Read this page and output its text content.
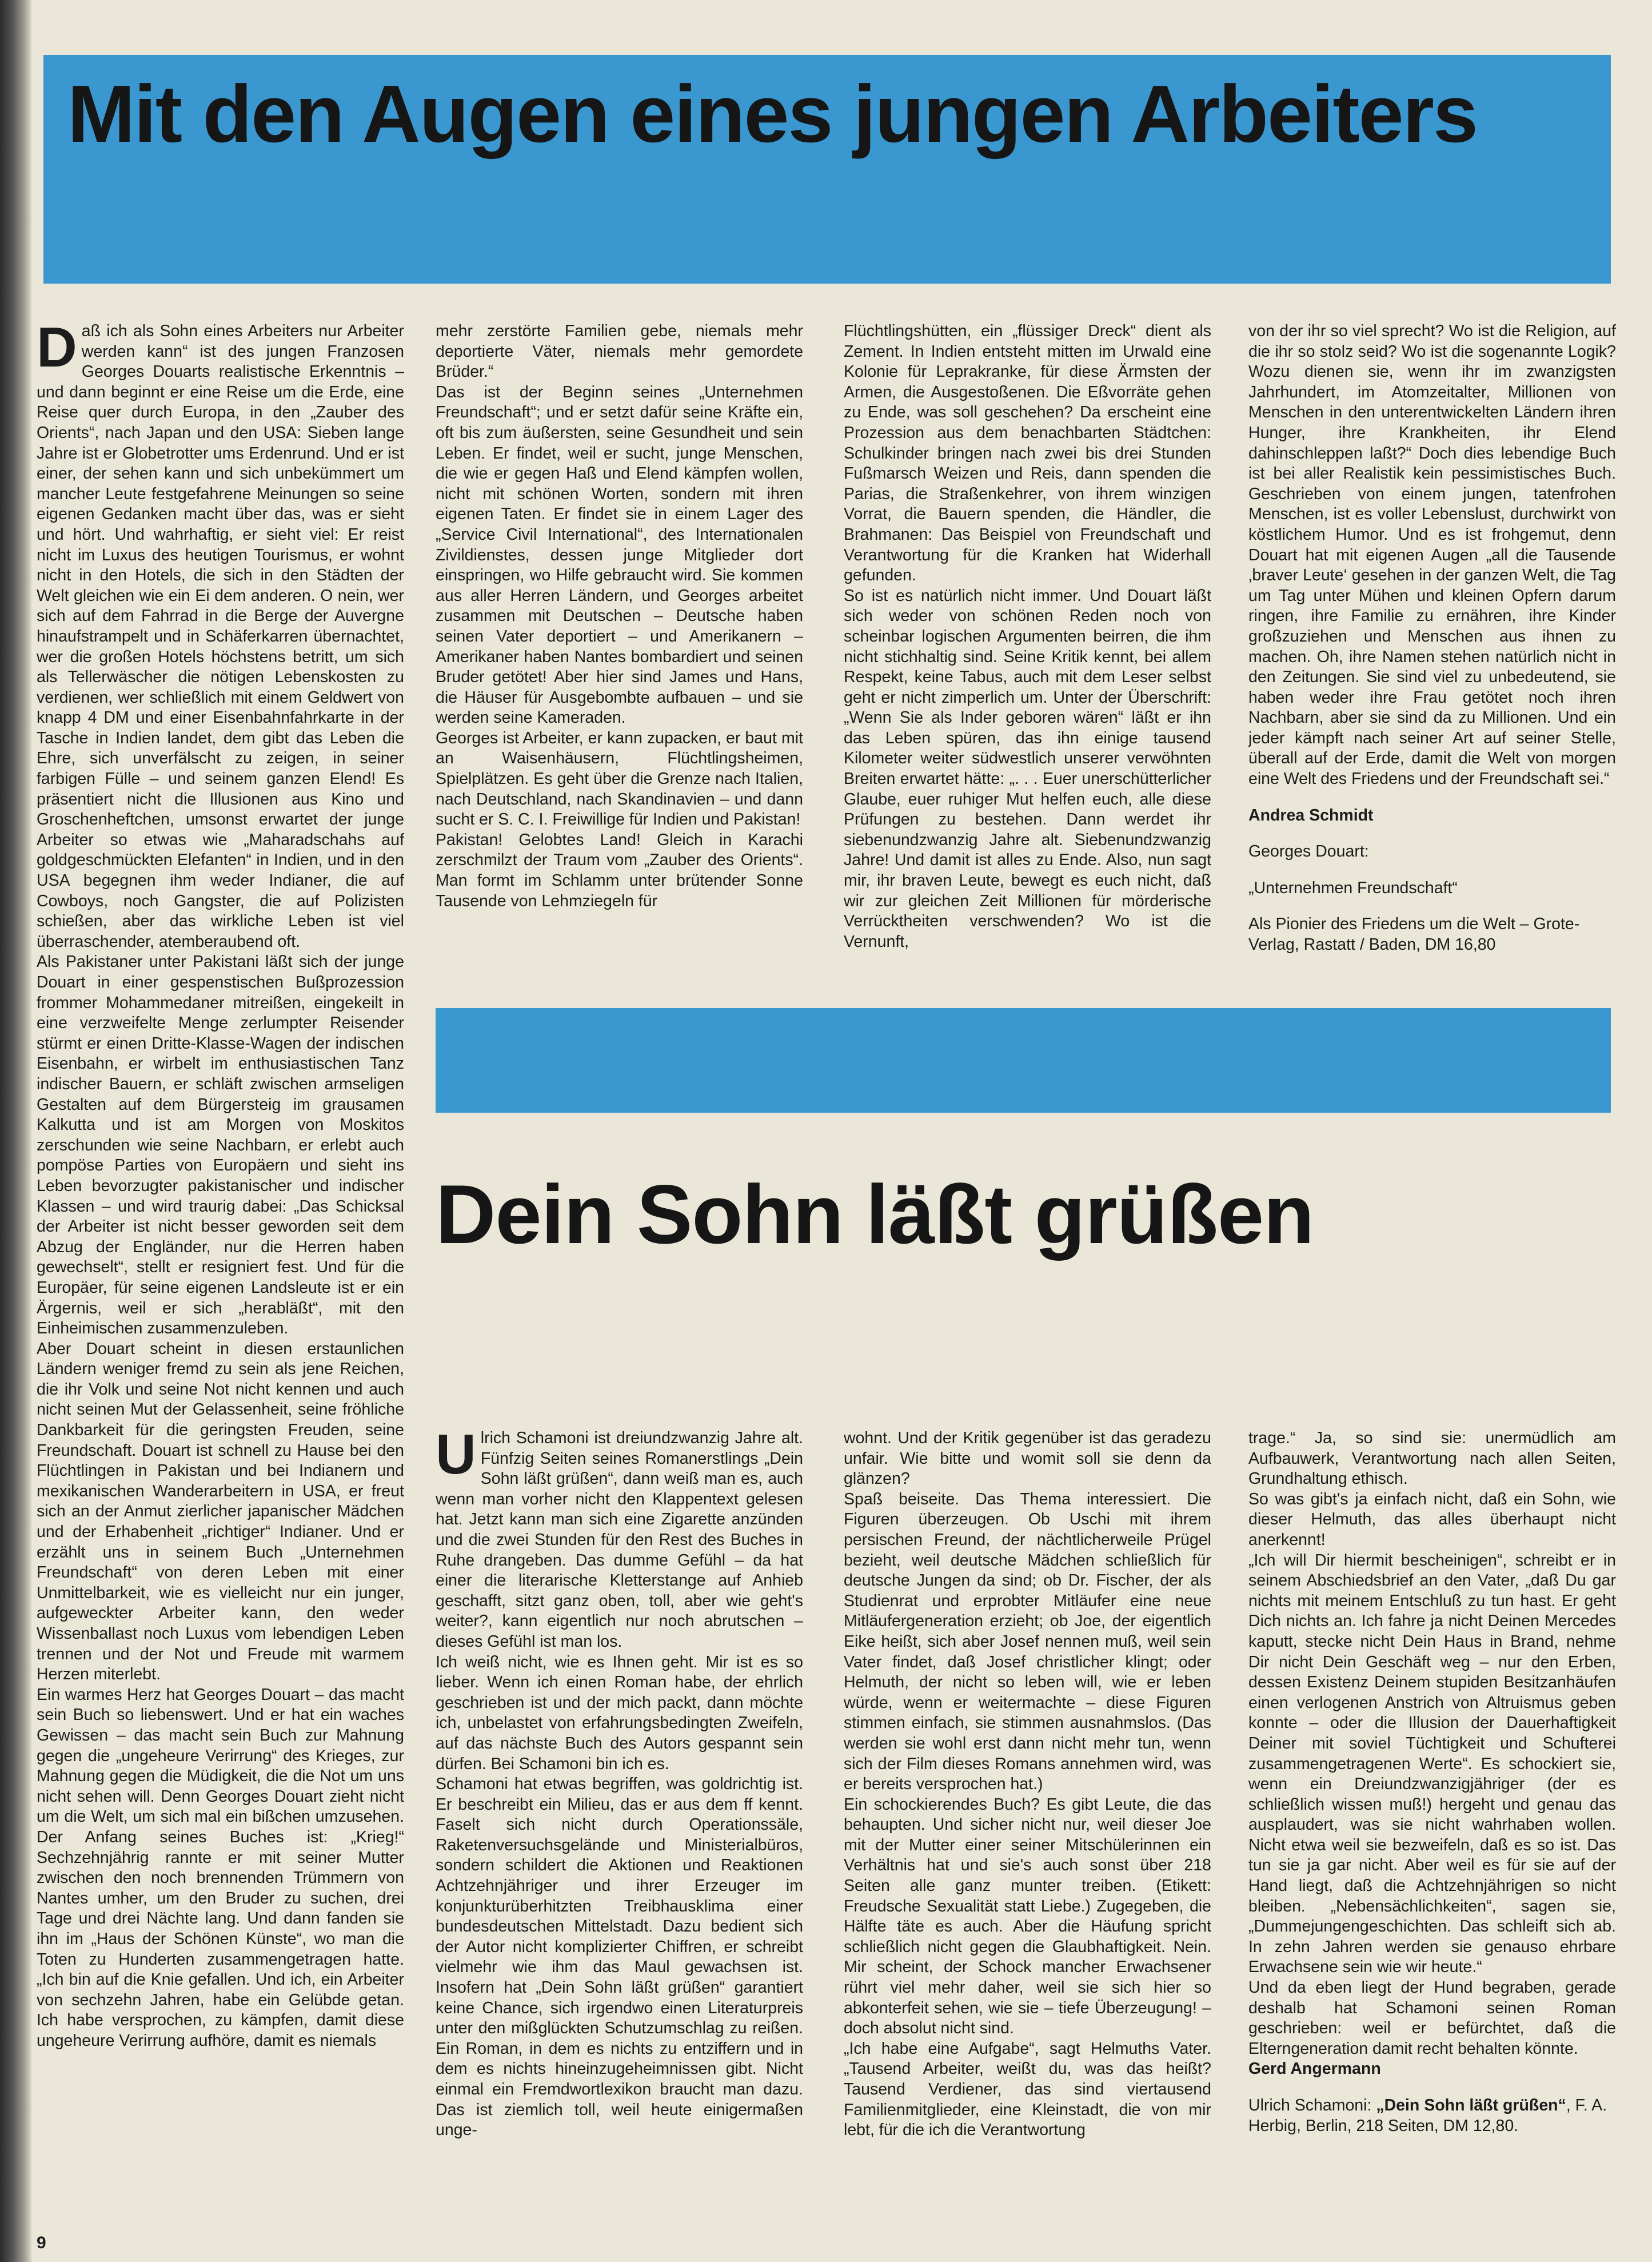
Mit den Augen eines jungen Arbeiters

Daß ich als Sohn eines Arbeiters nur Arbeiter werden kann“ ist des jungen Franzosen Georges Douarts realistische Erkenntnis – und dann beginnt er eine Reise um die Erde, eine Reise quer durch Europa, in den „Zauber des Orients“, nach Japan und den USA: Sieben lange Jahre ist er Globetrotter ums Erdenrund. Und er ist einer, der sehen kann und sich unbekümmert um mancher Leute festgefahrene Meinungen so seine eigenen Gedanken macht über das, was er sieht und hört. Und wahrhaftig, er sieht viel: Er reist nicht im Luxus des heutigen Tourismus, er wohnt nicht in den Hotels, die sich in den Städten der Welt gleichen wie ein Ei dem anderen. O nein, wer sich auf dem Fahrrad in die Berge der Auvergne hinaufstrampelt und in Schäferkarren übernachtet, wer die großen Hotels höchstens betritt, um sich als Tellerwäscher die nötigen Lebenskosten zu verdienen, wer schließlich mit einem Geldwert von knapp 4 DM und einer Eisenbahnfahrkarte in der Tasche in Indien landet, dem gibt das Leben die Ehre, sich unverfälscht zu zeigen, in seiner farbigen Fülle – und seinem ganzen Elend! Es präsentiert nicht die Illusionen aus Kino und Groschenheftchen, umsonst erwartet der junge Arbeiter so etwas wie „Maharadschahs auf goldgeschmückten Elefanten“ in Indien, und in den USA begegnen ihm weder Indianer, die auf Cowboys, noch Gangster, die auf Polizisten schießen, aber das wirkliche Leben ist viel überraschender, atemberaubend oft.

Als Pakistaner unter Pakistani läßt sich der junge Douart in einer gespenstischen Bußprozession frommer Mohammedaner mitreißen, eingekeilt in eine verzweifelte Menge zerlumpter Reisender stürmt er einen Dritte-Klasse-Wagen der indischen Eisenbahn, er wirbelt im enthusiastischen Tanz indischer Bauern, er schläft zwischen armseligen Gestalten auf dem Bürgersteig im grausamen Kalkutta und ist am Morgen von Moskitos zerschunden wie seine Nachbarn, er erlebt auch pompöse Parties von Europäern und sieht ins Leben bevorzugter pakistanischer und indischer Klassen – und wird traurig dabei: „Das Schicksal der Arbeiter ist nicht besser geworden seit dem Abzug der Engländer, nur die Herren haben gewechselt“, stellt er resigniert fest. Und für die Europäer, für seine eigenen Landsleute ist er ein Ärgernis, weil er sich „herabläßt“, mit den Einheimischen zusammenzuleben.

Aber Douart scheint in diesen erstaunlichen Ländern weniger fremd zu sein als jene Reichen, die ihr Volk und seine Not nicht kennen und auch nicht seinen Mut der Gelassenheit, seine fröhliche Dankbarkeit für die geringsten Freuden, seine Freundschaft. Douart ist schnell zu Hause bei den Flüchtlingen in Pakistan und bei Indianern und mexikanischen Wanderarbeitern in USA, er freut sich an der Anmut zierlicher japanischer Mädchen und der Erhabenheit „richtiger“ Indianer. Und er erzählt uns in seinem Buch „Unternehmen Freundschaft“ von deren Leben mit einer Unmittelbarkeit, wie es vielleicht nur ein junger, aufgeweckter Arbeiter kann, den weder Wissenballast noch Luxus vom lebendigen Leben trennen und der Not und Freude mit warmem Herzen miterlebt.

Ein warmes Herz hat Georges Douart – das macht sein Buch so liebenswert. Und er hat ein waches Gewissen – das macht sein Buch zur Mahnung gegen die „ungeheure Verirrung“ des Krieges, zur Mahnung gegen die Müdigkeit, die die Not um uns nicht sehen will. Denn Georges Douart zieht nicht um die Welt, um sich mal ein bißchen umzusehen. Der Anfang seines Buches ist: „Krieg!“ Sechzehnjährig rannte er mit seiner Mutter zwischen den noch brennenden Trümmern von Nantes umher, um den Bruder zu suchen, drei Tage und drei Nächte lang. Und dann fanden sie ihn im „Haus der Schönen Künste“, wo man die Toten zu Hunderten zusammengetragen hatte. „Ich bin auf die Knie gefallen. Und ich, ein Arbeiter von sechzehn Jahren, habe ein Gelübde getan. Ich habe versprochen, zu kämpfen, damit diese ungeheure Verirrung aufhöre, damit es niemals

mehr zerstörte Familien gebe, niemals mehr deportierte Väter, niemals mehr gemordete Brüder.“

Das ist der Beginn seines „Unternehmen Freundschaft“; und er setzt dafür seine Kräfte ein, oft bis zum äußersten, seine Gesundheit und sein Leben. Er findet, weil er sucht, junge Menschen, die wie er gegen Haß und Elend kämpfen wollen, nicht mit schönen Worten, sondern mit ihren eigenen Taten. Er findet sie in einem Lager des „Service Civil International“, des Internationalen Zivildienstes, dessen junge Mitglieder dort einspringen, wo Hilfe gebraucht wird. Sie kommen aus aller Herren Ländern, und Georges arbeitet zusammen mit Deutschen – Deutsche haben seinen Vater deportiert – und Amerikanern – Amerikaner haben Nantes bombardiert und seinen Bruder getötet! Aber hier sind James und Hans, die Häuser für Ausgebombte aufbauen – und sie werden seine Kameraden.

Georges ist Arbeiter, er kann zupacken, er baut mit an Waisenhäusern, Flüchtlingsheimen, Spielplätzen. Es geht über die Grenze nach Italien, nach Deutschland, nach Skandinavien – und dann sucht er S. C. I. Freiwillige für Indien und Pakistan!

Pakistan! Gelobtes Land! Gleich in Karachi zerschmilzt der Traum vom „Zauber des Orients“. Man formt im Schlamm unter brütender Sonne Tausende von Lehmziegeln für

Flüchtlingshütten, ein „flüssiger Dreck“ dient als Zement. In Indien entsteht mitten im Urwald eine Kolonie für Leprakranke, für diese Ärmsten der Armen, die Ausgestoßenen. Die Eßvorräte gehen zu Ende, was soll geschehen? Da erscheint eine Prozession aus dem benachbarten Städtchen: Schulkinder bringen nach zwei bis drei Stunden Fußmarsch Weizen und Reis, dann spenden die Parias, die Straßenkehrer, von ihrem winzigen Vorrat, die Bauern spenden, die Händler, die Brahmanen: Das Beispiel von Freundschaft und Verantwortung für die Kranken hat Widerhall gefunden.

So ist es natürlich nicht immer. Und Douart läßt sich weder von schönen Reden noch von scheinbar logischen Argumenten beirren, die ihm nicht stichhaltig sind. Seine Kritik kennt, bei allem Respekt, keine Tabus, auch mit dem Leser selbst geht er nicht zimperlich um. Unter der Überschrift: „Wenn Sie als Inder geboren wären“ läßt er ihn das Leben spüren, das ihn einige tausend Kilometer weiter südwestlich unserer verwöhnten Breiten erwartet hätte: „. . . Euer unerschütterlicher Glaube, euer ruhiger Mut helfen euch, alle diese Prüfungen zu bestehen. Dann werdet ihr siebenundzwanzig Jahre alt. Siebenundzwanzig Jahre! Und damit ist alles zu Ende. Also, nun sagt mir, ihr braven Leute, bewegt es euch nicht, daß wir zur gleichen Zeit Millionen für mörderische Verrücktheiten verschwenden? Wo ist die Vernunft,

von der ihr so viel sprecht? Wo ist die Religion, auf die ihr so stolz seid? Wo ist die sogenannte Logik? Wozu dienen sie, wenn ihr im zwanzigsten Jahrhundert, im Atomzeitalter, Millionen von Menschen in den unterentwickelten Ländern ihren Hunger, ihre Krankheiten, ihr Elend dahinschleppen laßt?“ Doch dies lebendige Buch ist bei aller Realistik kein pessimistisches Buch. Geschrieben von einem jungen, tatenfrohen Menschen, ist es voller Lebenslust, durchwirkt von köstlichem Humor. Und es ist frohgemut, denn Douart hat mit eigenen Augen „all die Tausende ‚braver Leute‘ gesehen in der ganzen Welt, die Tag um Tag unter Mühen und kleinen Opfern darum ringen, ihre Familie zu ernähren, ihre Kinder großzuziehen und Menschen aus ihnen zu machen. Oh, ihre Namen stehen natürlich nicht in den Zeitungen. Sie sind viel zu unbedeutend, sie haben weder ihre Frau getötet noch ihren Nachbarn, aber sie sind da zu Millionen. Und ein jeder kämpft nach seiner Art auf seiner Stelle, überall auf der Erde, damit die Welt von morgen eine Welt des Friedens und der Freundschaft sei.“

Andrea Schmidt

Georges Douart:

„Unternehmen Freundschaft“

Als Pionier des Friedens um die Welt – Grote-Verlag, Rastatt / Baden, DM 16,80

Dein Sohn läßt grüßen

Ulrich Schamoni ist dreiundzwanzig Jahre alt. Fünfzig Seiten seines Romanerstlings „Dein Sohn läßt grüßen“, dann weiß man es, auch wenn man vorher nicht den Klappentext gelesen hat. Jetzt kann man sich eine Zigarette anzünden und die zwei Stunden für den Rest des Buches in Ruhe drangeben. Das dumme Gefühl – da hat einer die literarische Kletterstange auf Anhieb geschafft, sitzt ganz oben, toll, aber wie geht's weiter?, kann eigentlich nur noch abrutschen – dieses Gefühl ist man los.

Ich weiß nicht, wie es Ihnen geht. Mir ist es so lieber. Wenn ich einen Roman habe, der ehrlich geschrieben ist und der mich packt, dann möchte ich, unbelastet von erfahrungsbedingten Zweifeln, auf das nächste Buch des Autors gespannt sein dürfen. Bei Schamoni bin ich es.

Schamoni hat etwas begriffen, was goldrichtig ist. Er beschreibt ein Milieu, das er aus dem ff kennt. Faselt sich nicht durch Operationssäle, Raketenversuchsgelände und Ministerialbüros, sondern schildert die Aktionen und Reaktionen Achtzehnjähriger und ihrer Erzeuger im konjunkturüberhitzten Treibhausklima einer bundesdeutschen Mittelstadt. Dazu bedient sich der Autor nicht komplizierter Chiffren, er schreibt vielmehr wie ihm das Maul gewachsen ist. Insofern hat „Dein Sohn läßt grüßen“ garantiert keine Chance, sich irgendwo einen Literaturpreis unter den mißglückten Schutzumschlag zu reißen. Ein Roman, in dem es nichts zu entziffern und in dem es nichts hineinzugeheimnissen gibt. Nicht einmal ein Fremdwortlexikon braucht man dazu. Das ist ziemlich toll, weil heute einigermaßen unge-

wohnt. Und der Kritik gegenüber ist das geradezu unfair. Wie bitte und womit soll sie denn da glänzen?

Spaß beiseite. Das Thema interessiert. Die Figuren überzeugen. Ob Uschi mit ihrem persischen Freund, der nächtlicherweile Prügel bezieht, weil deutsche Mädchen schließlich für deutsche Jungen da sind; ob Dr. Fischer, der als Studienrat und erprobter Mitläufer eine neue Mitläufergeneration erzieht; ob Joe, der eigentlich Eike heißt, sich aber Josef nennen muß, weil sein Vater findet, daß Josef christlicher klingt; oder Helmuth, der nicht so leben will, wie er leben würde, wenn er weitermachte – diese Figuren stimmen einfach, sie stimmen ausnahmslos. (Das werden sie wohl erst dann nicht mehr tun, wenn sich der Film dieses Romans annehmen wird, was er bereits versprochen hat.)

Ein schockierendes Buch? Es gibt Leute, die das behaupten. Und sicher nicht nur, weil dieser Joe mit der Mutter einer seiner Mitschülerinnen ein Verhältnis hat und sie's auch sonst über 218 Seiten alle ganz munter treiben. (Etikett: Freudsche Sexualität statt Liebe.) Zugegeben, die Hälfte täte es auch. Aber die Häufung spricht schließlich nicht gegen die Glaubhaftigkeit. Nein. Mir scheint, der Schock mancher Erwachsener rührt viel mehr daher, weil sie sich hier so abkonterfeit sehen, wie sie – tiefe Überzeugung! – doch absolut nicht sind.

„Ich habe eine Aufgabe“, sagt Helmuths Vater. „Tausend Arbeiter, weißt du, was das heißt? Tausend Verdiener, das sind viertausend Familienmitglieder, eine Kleinstadt, die von mir lebt, für die ich die Verantwortung

trage.“ Ja, so sind sie: unermüdlich am Aufbauwerk, Verantwortung nach allen Seiten, Grundhaltung ethisch.

So was gibt's ja einfach nicht, daß ein Sohn, wie dieser Helmuth, das alles überhaupt nicht anerkennt!

„Ich will Dir hiermit bescheinigen“, schreibt er in seinem Abschiedsbrief an den Vater, „daß Du gar nichts mit meinem Entschluß zu tun hast. Er geht Dich nichts an. Ich fahre ja nicht Deinen Mercedes kaputt, stecke nicht Dein Haus in Brand, nehme Dir nicht Dein Geschäft weg – nur den Erben, dessen Existenz Deinem stupiden Besitzanhäufen einen verlogenen Anstrich von Altruismus geben konnte – oder die Illusion der Dauerhaftigkeit Deiner mit soviel Tüchtigkeit und Schufterei zusammengetragenen Werte“. Es schockiert sie, wenn ein Dreiundzwanzigjähriger (der es schließlich wissen muß!) hergeht und genau das ausplaudert, was sie nicht wahrhaben wollen. Nicht etwa weil sie bezweifeln, daß es so ist. Das tun sie ja gar nicht. Aber weil es für sie auf der Hand liegt, daß die Achtzehnjährigen so nicht bleiben. „Nebensächlichkeiten“, sagen sie, „Dummejungengeschichten. Das schleift sich ab. In zehn Jahren werden sie genauso ehrbare Erwachsene sein wie wir heute.“

Und da eben liegt der Hund begraben, gerade deshalb hat Schamoni seinen Roman geschrieben: weil er befürchtet, daß die Elterngeneration damit recht behalten könnte.

Gerd Angermann

Ulrich Schamoni: „Dein Sohn läßt grüßen“, F. A. Herbig, Berlin, 218 Seiten, DM 12,80.

9
